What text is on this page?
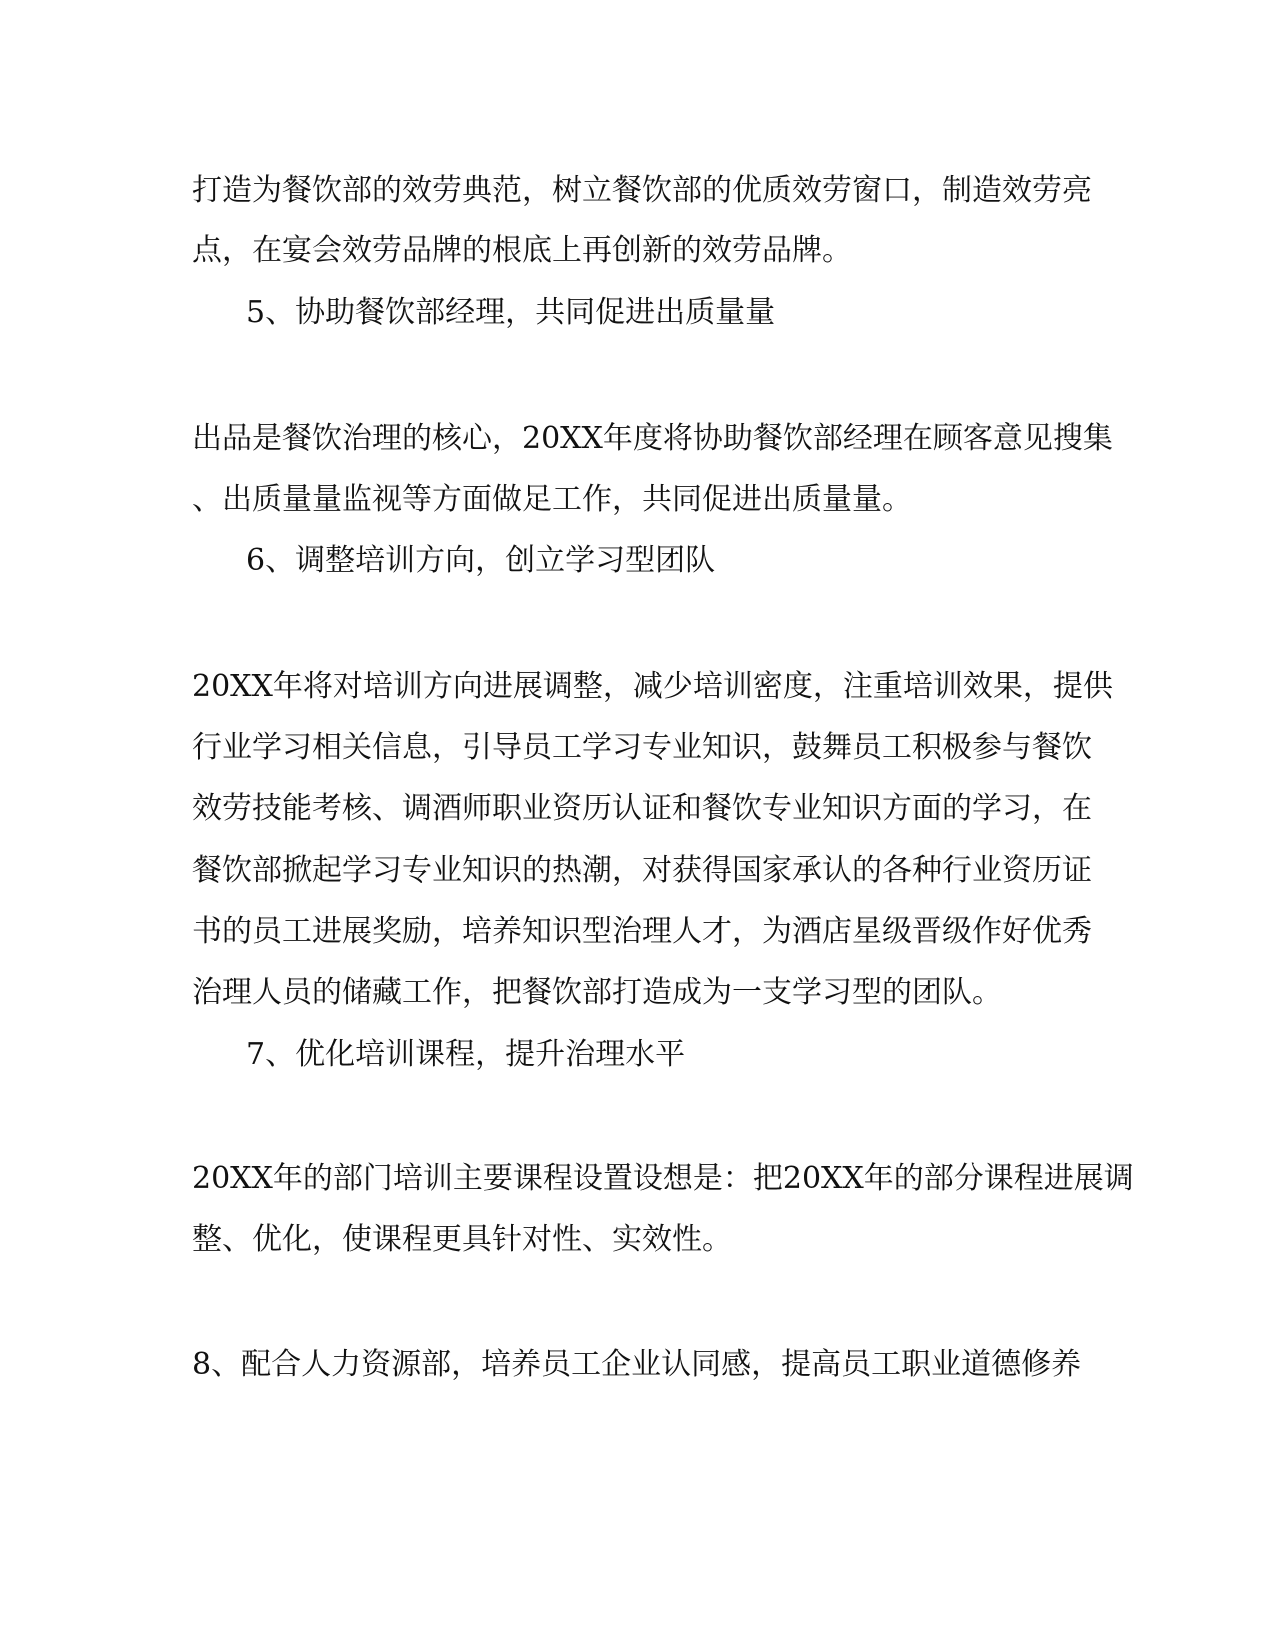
打造为餐饮部的效劳典范，树立餐饮部的优质效劳窗口，制造效劳亮

点，在宴会效劳品牌的根底上再创新的效劳品牌。

5、协助餐饮部经理，共同促进出质量量

出品是餐饮治理的核心，20XX年度将协助餐饮部经理在顾客意见搜集

、出质量量监视等方面做足工作，共同促进出质量量。

6、调整培训方向，创立学习型团队

20XX年将对培训方向进展调整，减少培训密度，注重培训效果，提供

行业学习相关信息，引导员工学习专业知识，鼓舞员工积极参与餐饮

效劳技能考核、调酒师职业资历认证和餐饮专业知识方面的学习，在

餐饮部掀起学习专业知识的热潮，对获得国家承认的各种行业资历证

书的员工进展奖励，培养知识型治理人才，为酒店星级晋级作好优秀

治理人员的储藏工作，把餐饮部打造成为一支学习型的团队。

7、优化培训课程，提升治理水平

20XX年的部门培训主要课程设置设想是：把20XX年的部分课程进展调

整、优化，使课程更具针对性、实效性。

8、配合人力资源部，培养员工企业认同感，提高员工职业道德修养
